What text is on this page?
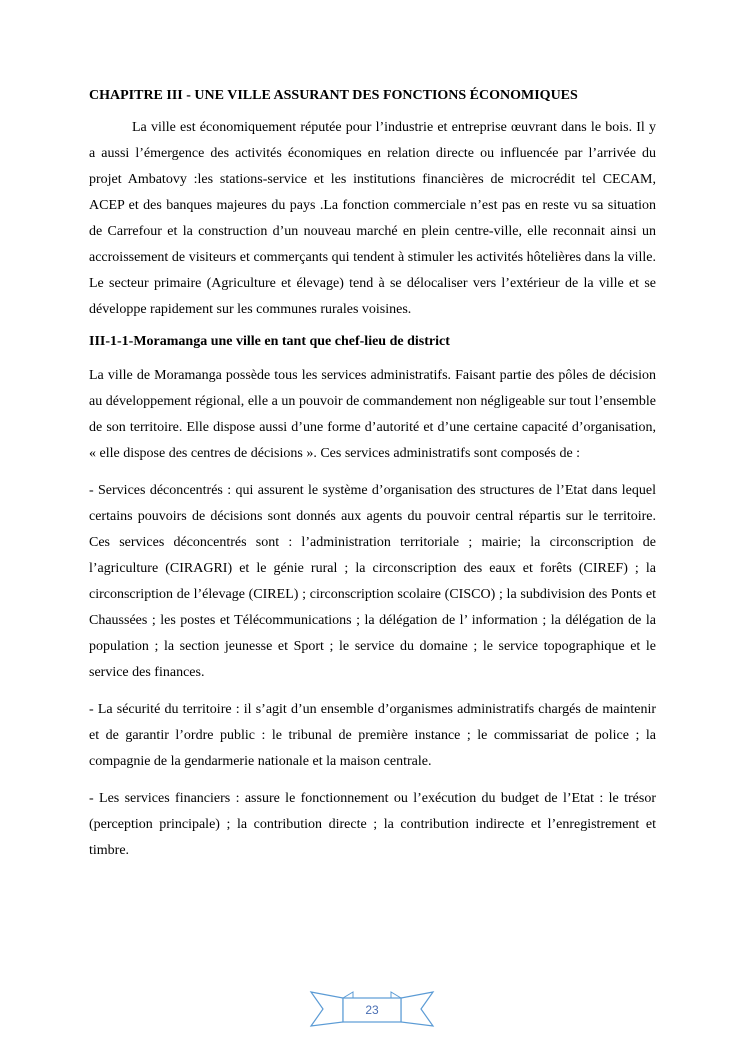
CHAPITRE III - UNE VILLE ASSURANT DES FONCTIONS ÉCONOMIQUES

La ville est économiquement réputée pour l’industrie et entreprise œuvrant dans le bois. Il y a aussi l’émergence des activités économiques en relation directe ou influencée par l’arrivée du projet Ambatovy :les stations-service et les institutions financières de microcrédit tel CECAM, ACEP et des banques majeures du pays .La fonction commerciale n’est pas en reste vu sa situation de Carrefour et la construction d’un nouveau marché en plein centre-ville, elle reconnait ainsi un accroissement de visiteurs et commerçants qui tendent à stimuler les activités hôtelières dans la ville. Le secteur primaire (Agriculture et élevage) tend à se délocaliser vers l’extérieur de la ville et se développe rapidement sur les communes rurales voisines.

III-1-1-Moramanga une ville en tant que chef-lieu de district

La ville de Moramanga possède tous les services administratifs. Faisant partie des pôles de décision au développement régional, elle a un pouvoir de commandement non négligeable sur tout l’ensemble de son territoire. Elle dispose aussi d’une forme d’autorité et d’une certaine capacité d’organisation, « elle dispose des centres de décisions ». Ces services administratifs sont composés de :

- Services déconcentrés : qui assurent le système d’organisation des structures de l’Etat dans lequel certains pouvoirs de décisions sont donnés aux agents du pouvoir central répartis sur le territoire. Ces services déconcentrés sont : l’administration territoriale ; mairie; la circonscription de l’agriculture (CIRAGRI) et le génie rural ; la circonscription des eaux et forêts (CIREF) ; la circonscription de l’élevage (CIREL) ; circonscription scolaire (CISCO) ; la subdivision des Ponts et Chaussées ; les postes et Télécommunications ; la délégation de l’ information ; la délégation de la population ; la section jeunesse et Sport ; le service du domaine ; le service topographique et le service des finances.

- La sécurité du territoire : il s’agit d’un ensemble d’organismes administratifs chargés de maintenir et de garantir l’ordre public : le tribunal de première instance ; le commissariat de police ; la compagnie de la gendarmerie nationale et la maison centrale.

- Les services financiers : assure le fonctionnement ou l’exécution du budget de l’Etat : le trésor (perception principale) ; la contribution directe ; la contribution indirecte et l’enregistrement et timbre.

23
